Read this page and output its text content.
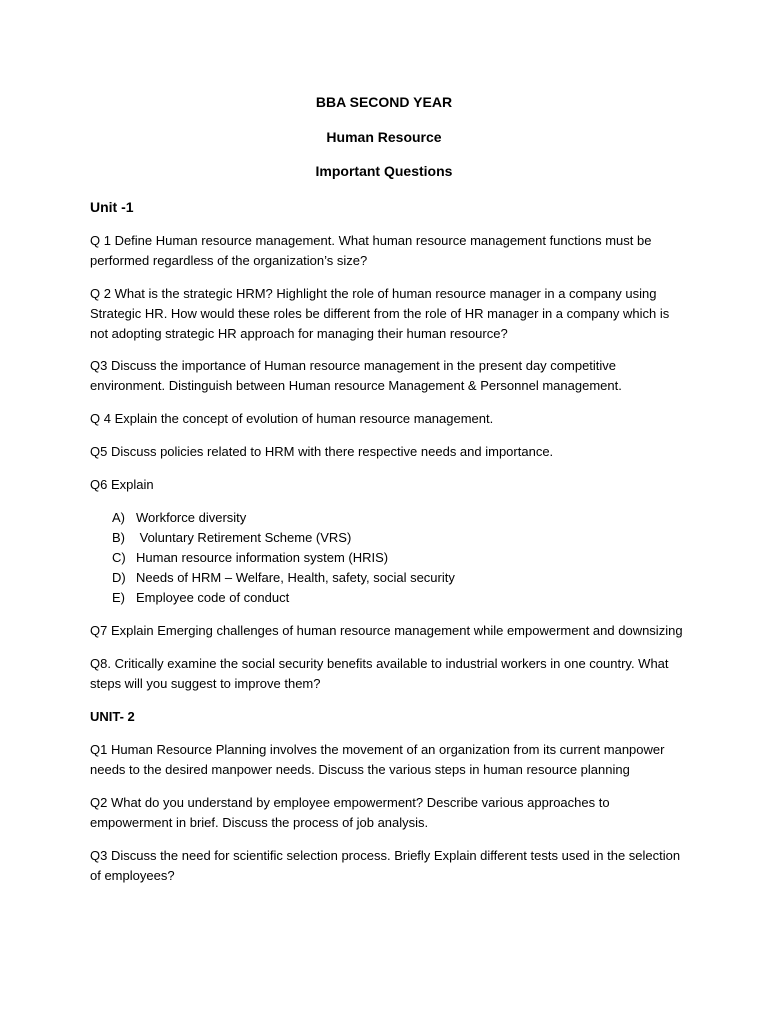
BBA SECOND YEAR

Human Resource

Important Questions

Unit -1

Q 1 Define Human resource management. What human resource management functions must be performed regardless of the organization’s size?

Q 2 What is the strategic HRM? Highlight the role of human resource manager in a company using Strategic HR. How would these roles be different from the role of HR manager in a company which is not adopting strategic HR approach for managing their human resource?

Q3 Discuss the importance of Human resource management in the present day competitive environment. Distinguish between Human resource Management & Personnel management.

Q 4 Explain the concept of evolution of human resource management.

Q5 Discuss policies related to HRM with there respective needs and importance.

Q6 Explain

A) Workforce diversity
B) Voluntary Retirement Scheme (VRS)
C) Human resource information system (HRIS)
D) Needs of HRM – Welfare, Health, safety, social security
E) Employee code of conduct

Q7 Explain Emerging challenges of human resource management while empowerment and downsizing

Q8. Critically examine the social security benefits available to industrial workers in one country. What steps will you suggest to improve them?

UNIT- 2

Q1 Human Resource Planning involves the movement of an organization from its current manpower needs to the desired manpower needs. Discuss the various steps in human resource planning

Q2 What do you understand by employee empowerment? Describe various approaches to empowerment in brief. Discuss the process of job analysis.

Q3 Discuss the need for scientific selection process. Briefly Explain different tests used in the selection of employees?
